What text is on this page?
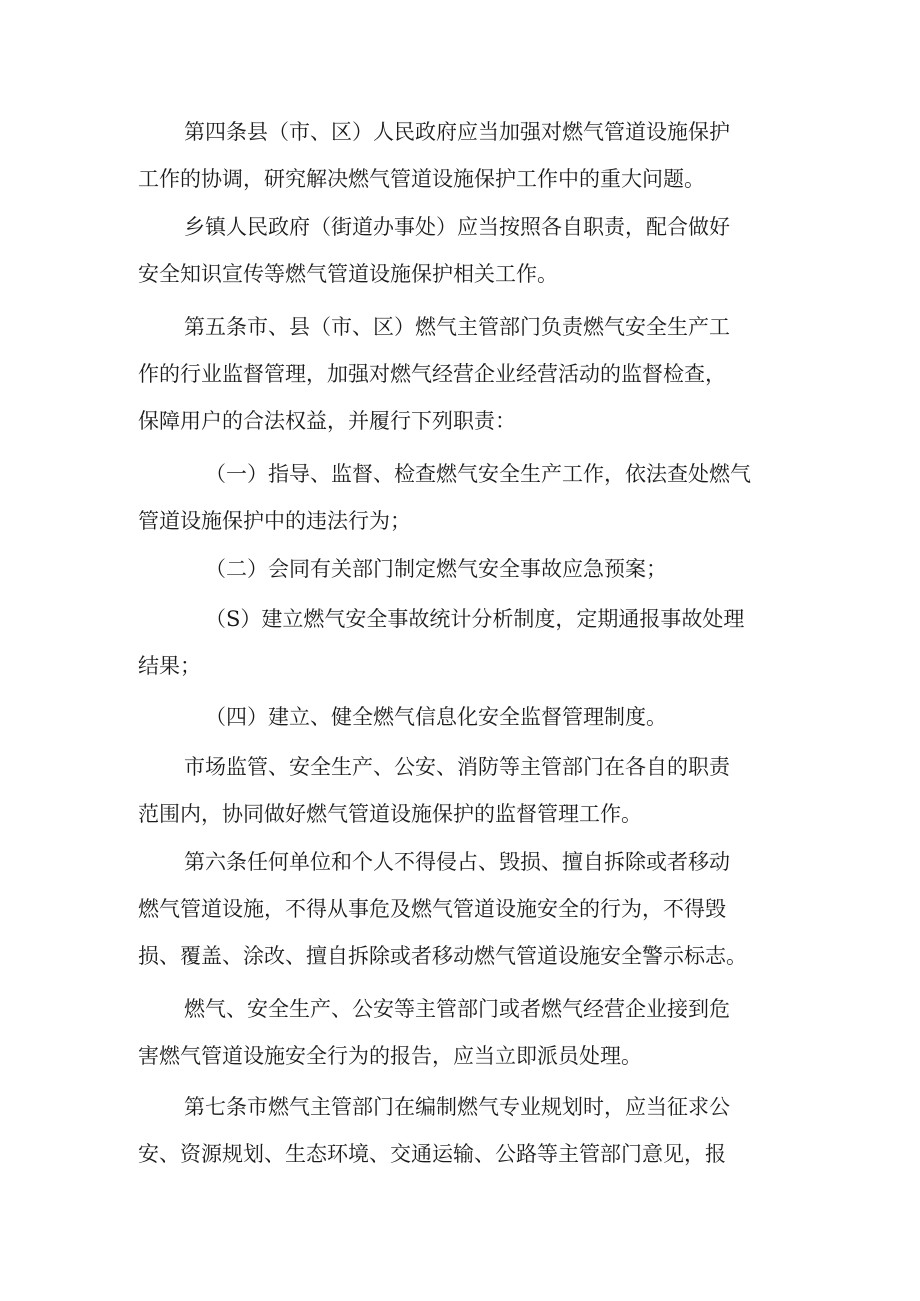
第四条县（市、区）人民政府应当加强对燃气管道设施保护
工作的协调，研究解决燃气管道设施保护工作中的重大问题。
乡镇人民政府（街道办事处）应当按照各自职责，配合做好
安全知识宣传等燃气管道设施保护相关工作。
第五条市、县（市、区）燃气主管部门负责燃气安全生产工
作的行业监督管理，加强对燃气经营企业经营活动的监督检查，
保障用户的合法权益，并履行下列职责：
（一）指导、监督、检查燃气安全生产工作，依法查处燃气
管道设施保护中的违法行为；
（二）会同有关部门制定燃气安全事故应急预案；
（S）建立燃气安全事故统计分析制度，定期通报事故处理
结果；
（四）建立、健全燃气信息化安全监督管理制度。
市场监管、安全生产、公安、消防等主管部门在各自的职责
范围内，协同做好燃气管道设施保护的监督管理工作。
第六条任何单位和个人不得侵占、毁损、擅自拆除或者移动
燃气管道设施，不得从事危及燃气管道设施安全的行为，不得毁
损、覆盖、涂改、擅自拆除或者移动燃气管道设施安全警示标志。
燃气、安全生产、公安等主管部门或者燃气经营企业接到危
害燃气管道设施安全行为的报告，应当立即派员处理。
第七条市燃气主管部门在编制燃气专业规划时，应当征求公
安、资源规划、生态环境、交通运输、公路等主管部门意见，报
